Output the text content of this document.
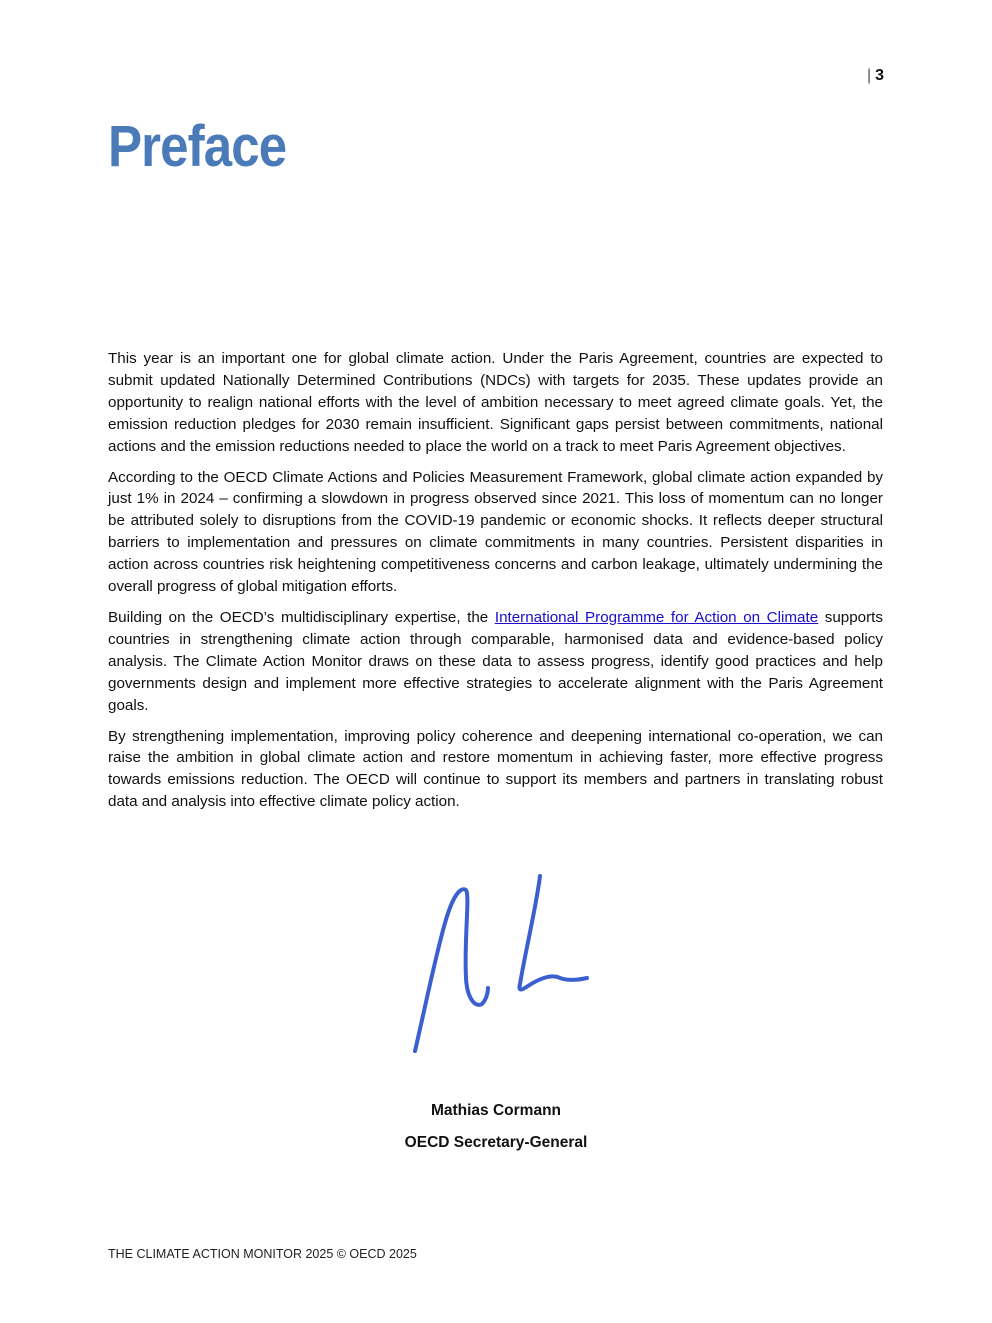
| 3
Preface

This year is an important one for global climate action. Under the Paris Agreement, countries are expected to submit updated Nationally Determined Contributions (NDCs) with targets for 2035. These updates provide an opportunity to realign national efforts with the level of ambition necessary to meet agreed climate goals. Yet, the emission reduction pledges for 2030 remain insufficient. Significant gaps persist between commitments, national actions and the emission reductions needed to place the world on a track to meet Paris Agreement objectives.

According to the OECD Climate Actions and Policies Measurement Framework, global climate action expanded by just 1% in 2024 – confirming a slowdown in progress observed since 2021. This loss of momentum can no longer be attributed solely to disruptions from the COVID-19 pandemic or economic shocks. It reflects deeper structural barriers to implementation and pressures on climate commitments in many countries. Persistent disparities in action across countries risk heightening competitiveness concerns and carbon leakage, ultimately undermining the overall progress of global mitigation efforts.

Building on the OECD’s multidisciplinary expertise, the International Programme for Action on Climate supports countries in strengthening climate action through comparable, harmonised data and evidence-based policy analysis. The Climate Action Monitor draws on these data to assess progress, identify good practices and help governments design and implement more effective strategies to accelerate alignment with the Paris Agreement goals.

By strengthening implementation, improving policy coherence and deepening international co-operation, we can raise the ambition in global climate action and restore momentum in achieving faster, more effective progress towards emissions reduction. The OECD will continue to support its members and partners in translating robust data and analysis into effective climate policy action.

Mathias Cormann
OECD Secretary-General
THE CLIMATE ACTION MONITOR 2025 © OECD 2025
